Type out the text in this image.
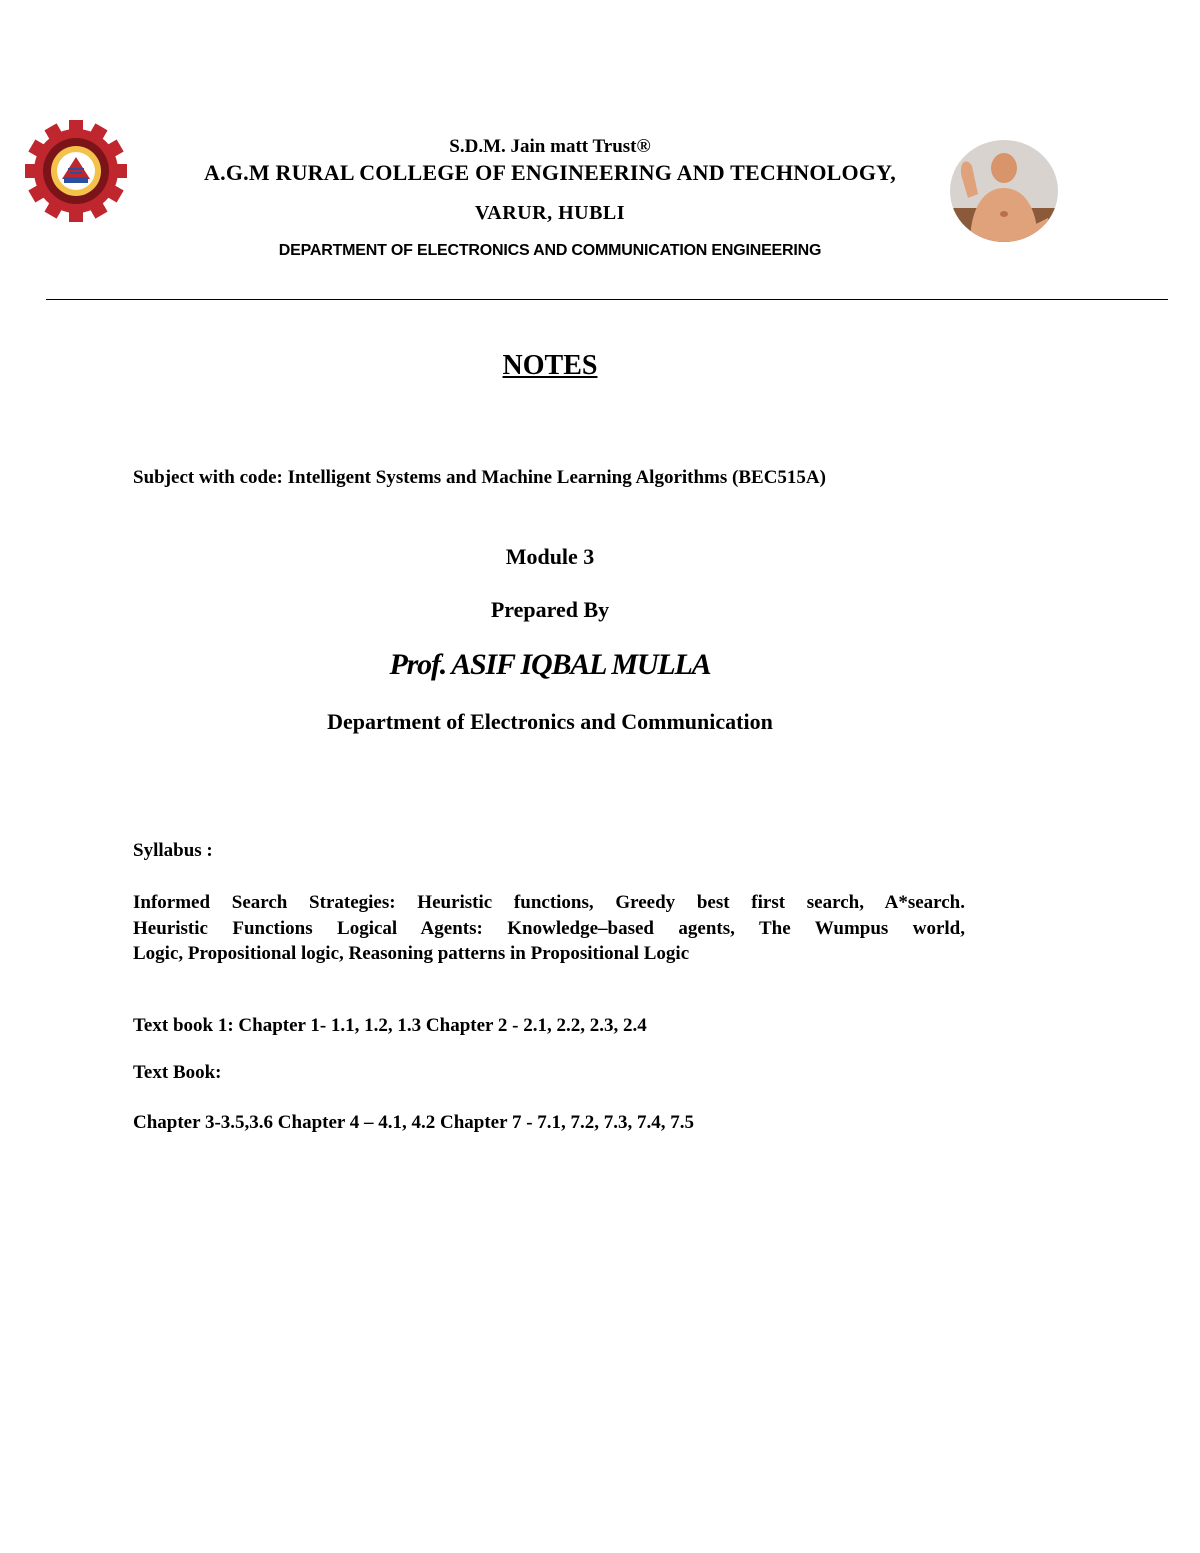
S.D.M. Jain matt Trust®
A.G.M RURAL COLLEGE OF ENGINEERING AND TECHNOLOGY,
VARUR, HUBLI
DEPARTMENT OF ELECTRONICS AND COMMUNICATION ENGINEERING
NOTES
Subject with code: Intelligent Systems and Machine Learning Algorithms (BEC515A)
Module 3
Prepared By
Prof. ASIF IQBAL MULLA
Department of Electronics and Communication
Syllabus :
Informed Search Strategies: Heuristic functions, Greedy best first search, A*search.
Heuristic Functions Logical Agents: Knowledge–based agents, The Wumpus world,
Logic, Propositional logic, Reasoning patterns in Propositional Logic
Text book 1: Chapter 1- 1.1, 1.2, 1.3 Chapter 2 - 2.1, 2.2, 2.3, 2.4
Text Book:
Chapter 3-3.5,3.6 Chapter 4 – 4.1, 4.2 Chapter 7 - 7.1, 7.2, 7.3, 7.4, 7.5
